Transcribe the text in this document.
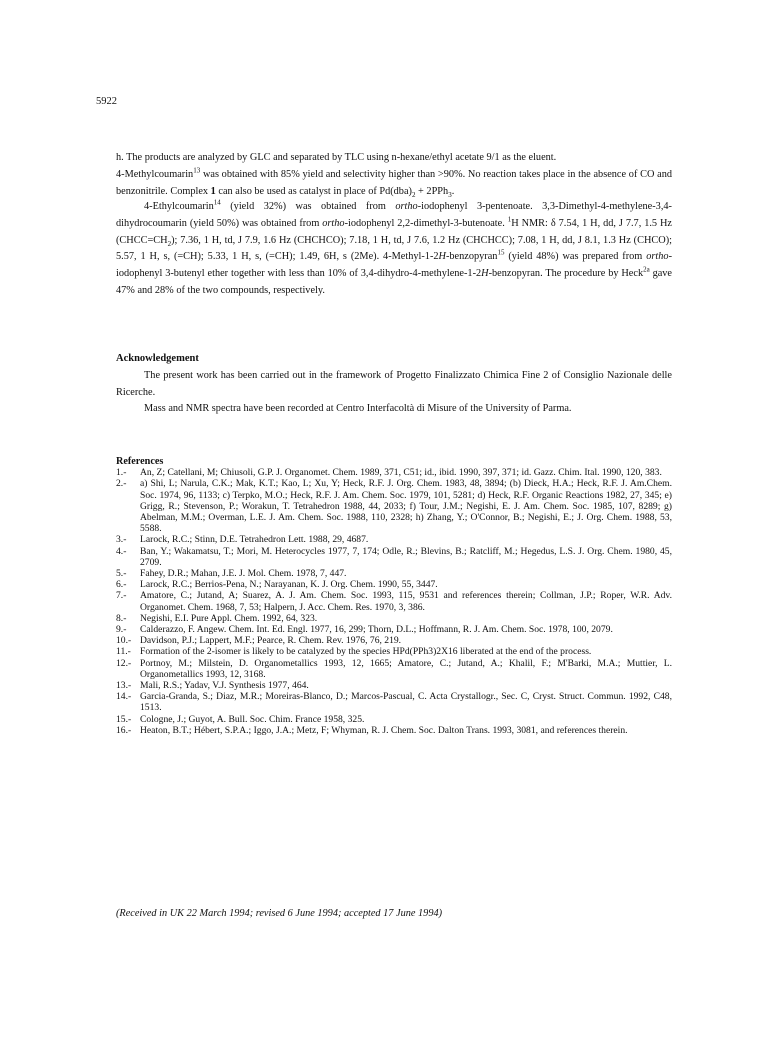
5922

h. The products are analyzed by GLC and separated by TLC using n-hexane/ethyl acetate 9/1 as the eluent.
4-Methylcoumarin$^{13}$ was obtained with 85% yield and selectivity higher than >90%. No reaction takes place in the absence of CO and benzonitrile. Complex 1 can also be used as catalyst in place of $Pd(dba)_2 + 2PPh_3$.

4-Ethylcoumarin$^{14}$ (yield 32%) was obtained from ortho-iodophenyl 3-pentenoate. 3,3-Dimethyl-4-methylene-3,4-dihydrocoumarin (yield 50%) was obtained from ortho-iodophenyl 2,2-dimethyl-3-butenoate. $^1$H NMR: δ 7.54, 1 H, dd, J 7.7, 1.5 Hz $(CHCC=CH_2)$; 7.36, 1 H, td, J 7.9, 1.6 Hz (CHCHCO); 7.18, 1 H, td, J 7.6, 1.2 Hz (CHCHCC); 7.08, 1 H, dd, J 8.1, 1.3 Hz (CHCO); 5.57, 1 H, s, (=CH); 5.33, 1 H, s, (=CH); 1.49, 6H, s (2Me). 4-Methyl-1-2H-benzopyran$^{15}$ (yield 48%) was prepared from ortho-iodophenyl 3-butenyl ether together with less than 10% of 3,4-dihydro-4-methylene-1-2H-benzopyran. The procedure by Heck$^{2a}$ gave 47% and 28% of the two compounds, respectively.

Acknowledgement

The present work has been carried out in the framework of Progetto Finalizzato Chimica Fine 2 of Consiglio Nazionale delle Ricerche.

Mass and NMR spectra have been recorded at Centro Interfacoltà di Misure of the University of Parma.

References
1.-	An, Z; Catellani, M; Chiusoli, G.P. J. Organomet. Chem. 1989, 371, C51; id., ibid. 1990, 397, 371; id. Gazz. Chim. Ital. 1990, 120, 383.
2.-	a) Shi, L; Narula, C.K.; Mak, K.T.; Kao, L; Xu, Y; Heck, R.F. J. Org. Chem. 1983, 48, 3894; (b) Dieck, H.A.; Heck, R.F. J. Am.Chem. Soc. 1974, 96, 1133; c) Terpko, M.O.; Heck, R.F. J. Am. Chem. Soc. 1979, 101, 5281; d) Heck, R.F. Organic Reactions 1982, 27, 345; e) Grigg, R.; Stevenson, P.; Worakun, T. Tetrahedron 1988, 44, 2033; f) Tour, J.M.; Negishi, E. J. Am. Chem. Soc. 1985, 107, 8289; g) Abelman, M.M.; Overman, L.E. J. Am. Chem. Soc. 1988, 110, 2328; h) Zhang, Y.; O'Connor, B.; Negishi, E.; J. Org. Chem. 1988, 53, 5588.
3.-	Larock, R.C.; Stinn, D.E. Tetrahedron Lett. 1988, 29, 4687.
4.-	Ban, Y.; Wakamatsu, T.; Mori, M. Heterocycles 1977, 7, 174; Odle, R.; Blevins, B.; Ratcliff, M.; Hegedus, L.S. J. Org. Chem. 1980, 45, 2709.
5.-	Fahey, D.R.; Mahan, J.E. J. Mol. Chem. 1978, 7, 447.
6.-	Larock, R.C.; Berrios-Pena, N.; Narayanan, K. J. Org. Chem. 1990, 55, 3447.
7.-	Amatore, C.; Jutand, A; Suarez, A. J. Am. Chem. Soc. 1993, 115, 9531 and references therein; Collman, J.P.; Roper, W.R. Adv. Organomet. Chem. 1968, 7, 53; Halpern, J. Acc. Chem. Res. 1970, 3, 386.
8.-	Negishi, E.I. Pure Appl. Chem. 1992, 64, 323.
9.-	Calderazzo, F. Angew. Chem. Int. Ed. Engl. 1977, 16, 299; Thorn, D.L.; Hoffmann, R. J. Am. Chem. Soc. 1978, 100, 2079.
10.- Davidson, P.J.; Lappert, M.F.; Pearce, R. Chem. Rev. 1976, 76, 219.
11.- Formation of the 2-isomer is likely to be catalyzed by the species HPd(PPh3)2X16 liberated at the end of the process.
12.- Portnoy, M.; Milstein, D. Organometallics 1993, 12, 1665; Amatore, C.; Jutand, A.; Khalil, F.; M'Barki, M.A.; Muttier, L. Organometallics 1993, 12, 3168.
13.- Mali, R.S.; Yadav, V.J. Synthesis 1977, 464.
14.- Garcia-Granda, S.; Diaz, M.R.; Moreiras-Blanco, D.; Marcos-Pascual, C. Acta Crystallogr., Sec. C, Cryst. Struct. Commun. 1992, C48, 1513.
15.- Cologne, J.; Guyot, A. Bull. Soc. Chim. France 1958, 325.
16.- Heaton, B.T.; Hébert, S.P.A.; Iggo, J.A.; Metz, F; Whyman, R. J. Chem. Soc. Dalton Trans. 1993, 3081, and references therein.
(Received in UK 22 March 1994; revised 6 June 1994; accepted 17 June 1994)
